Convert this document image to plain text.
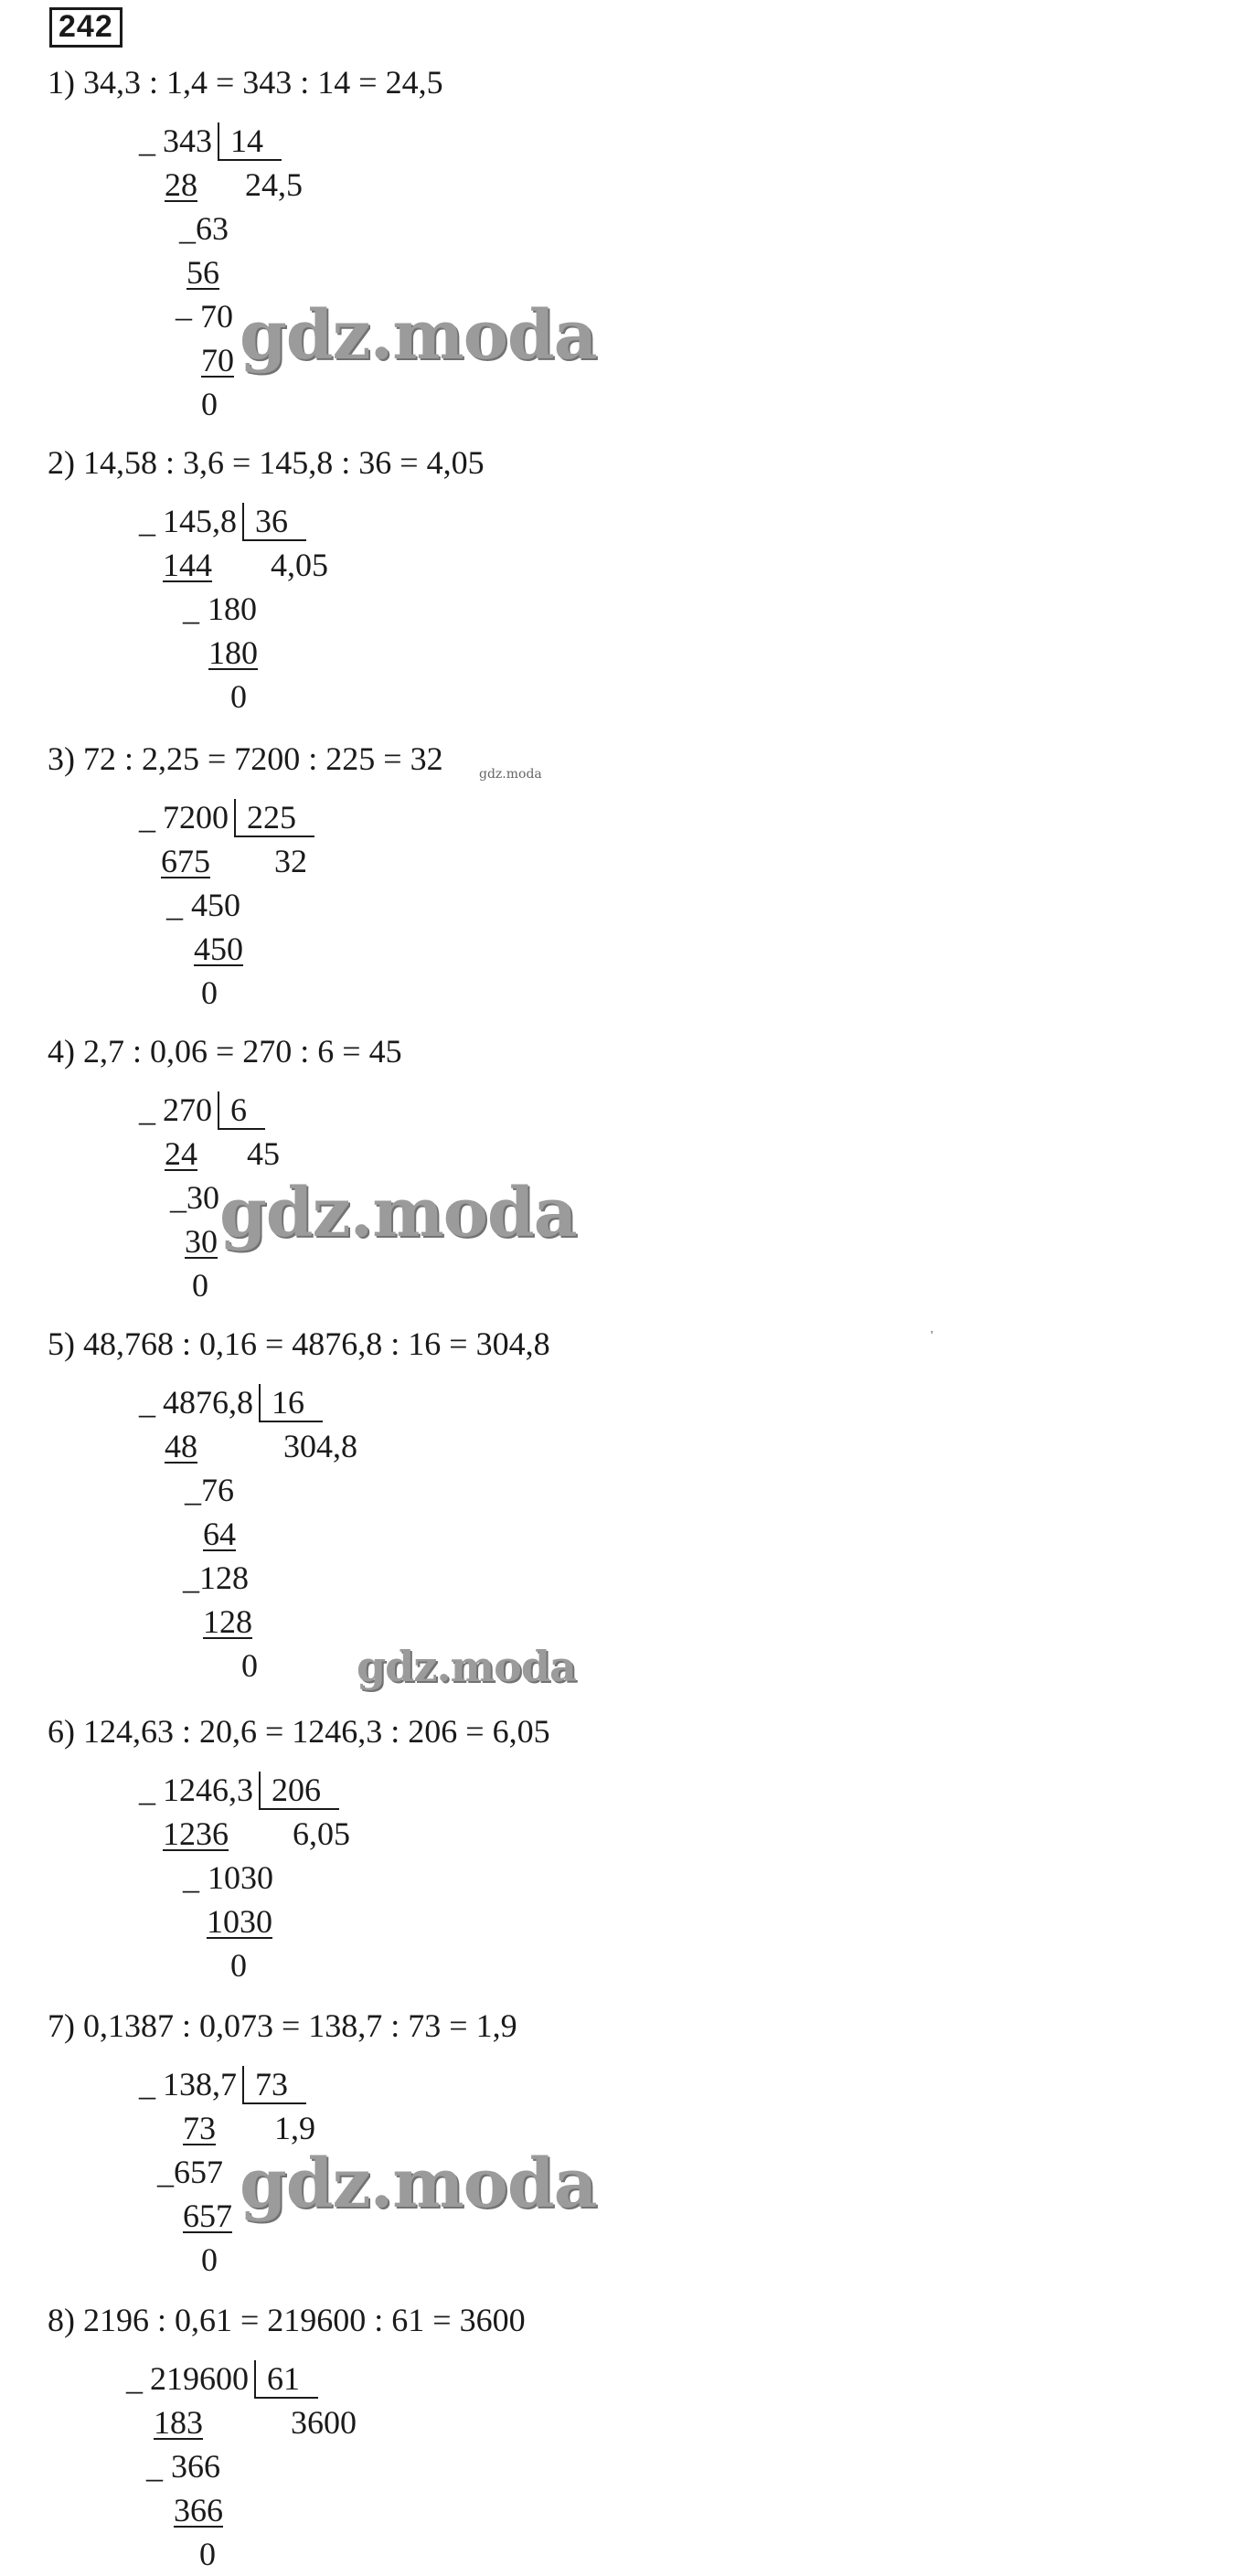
242
1) 34,3 : 1,4 = 343 : 14 = 24,5
_ 343 14
24,5
28
_63
56
– 70
70
0
gdz.moda
2) 14,58 : 3,6 = 145,8 : 36 = 4,05
_ 145,8 36
144 4,05
_ 180
180
0
3) 72 : 2,25 = 7200 : 225 = 32
_ 7200 225
675 32
_ 450
450
0
gdz.moda
4) 2,7 : 0,06 = 270 : 6 = 45
_ 270 6
24 45
_30
30
0
gdz.moda
5) 48,768 : 0,16 = 4876,8 : 16 = 304,8
_ 4876,8 16
48	304,8
_76
64
_128
128
0
'
gdz.moda
6) 124,63 : 20,6 = 1246,3 : 206 = 6,05
_ 1246,3 206
1236 6,05
_ 1030
1030
0
7) 0,1387 : 0,073 = 138,7 : 73 = 1,9
_ 138,7 73
73 1,9
_657
657
0
gdz.moda
8) 2196 : 0,61 = 219600 : 61 = 3600
_ 219600 61
183	3600
_ 366
366
0
